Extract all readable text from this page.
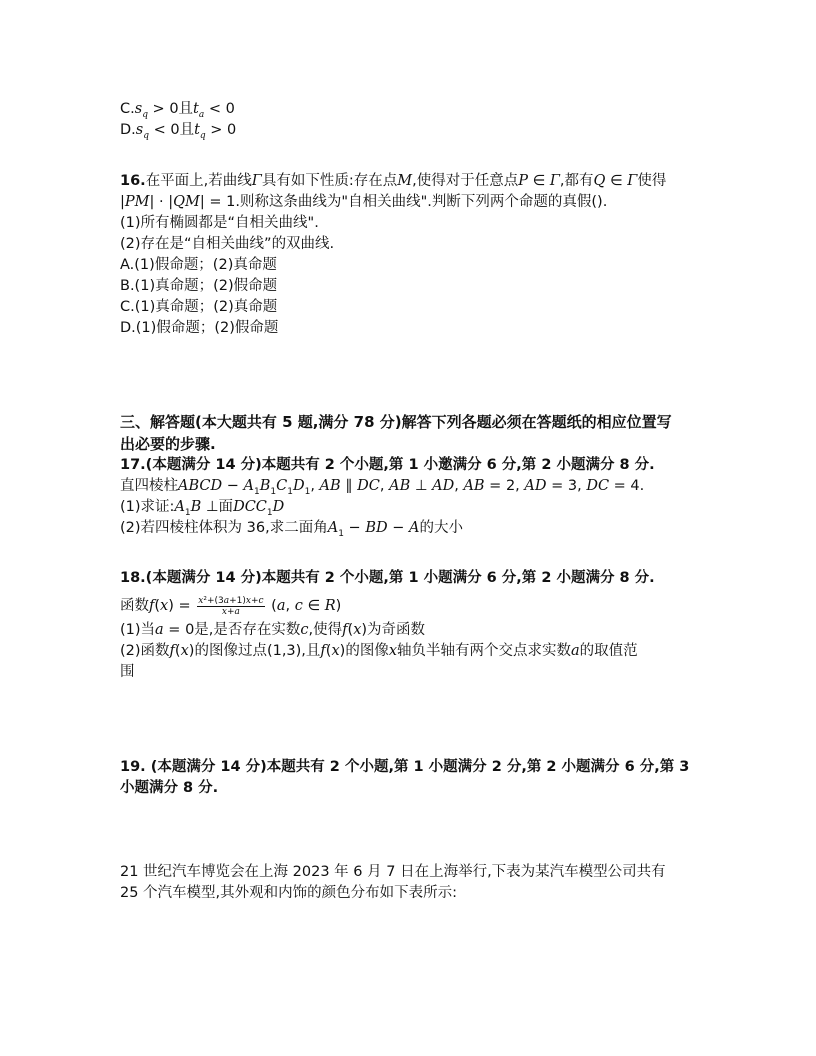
$C.s_q > 0$且$t_a < 0$
$D.s_q < 0$且$t_q > 0$
16.在平面上,若曲线Γ具有如下性质:存在点M,使得对于任意点P ∈ Γ,都有Q ∈ Γ使得
|PM| · |QM| = 1.则称这条曲线为"自相关曲线".判断下列两个命题的真假().
(1)所有椭圆都是“自相关曲线".
(2)存在是“自相关曲线”的双曲线.
A.(1)假命题；(2)真命题
B.(1)真命题；(2)假命题
C.(1)真命题；(2)真命题
D.(1)假命题；(2)假命题
三、解答题(本大题共有 5 题,满分 78 分)解答下列各题必须在答题纸的相应位置写
出必要的步骤.
17.(本题满分 14 分)本题共有 2 个小题,第 1 小邀满分 6 分,第 2 小题满分 8 分.
直四棱柱ABCD − $A_1B_1C_1D_1$, AB ∥ DC, AB ⊥ AD, AB = 2, AD = 3, DC = 4.
(1)求证$:A_1B$ ⊥面$DCC_1D$
(2)若四棱柱体积为 36,求二面角$A_1$ − BD − A的大小
18.(本题满分 14 分)本题共有 2 个小题,第 1 小题满分 6 分,第 2 小题满分 8 分.
函数$f(x) = \frac{\text{x²+(3a+1)x+c}}{x+a} (a$, c ∈ R)
(1)当a = 0是,是否存在实数c,使得f(x)为奇函数
(2)函数f(x)的图像过点(1,3),且f(x)的图像x轴负半轴有两个交点求实数a的取值范
围
19. (本题满分 14 分)本题共有 2 个小题,第 1 小题满分 2 分,第 2 小题满分 6 分,第 3
小题满分 8 分.
21 世纪汽车博览会在上海 2023 年 6 月 7 日在上海举行,下表为某汽车模型公司共有
25 个汽车模型,其外观和内饰的颜色分布如下表所示:
